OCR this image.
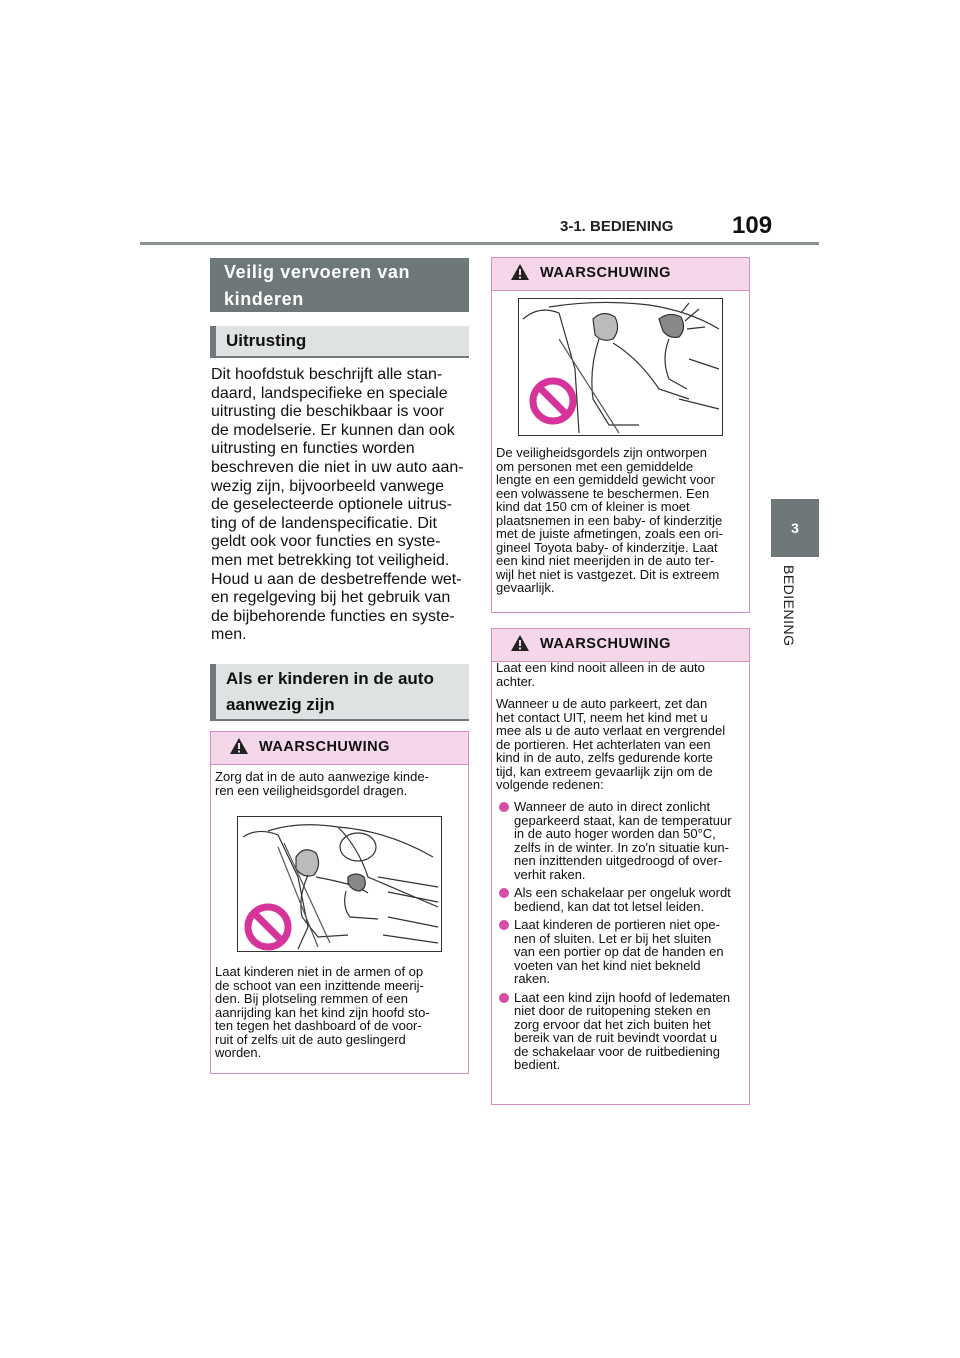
3-1. BEDIENING 109
3
BEDIENING
Veilig vervoeren van kinderen
Uitrusting
Dit hoofdstuk beschrijft alle stan-
daard, landspecifieke en speciale
uitrusting die beschikbaar is voor
de modelserie. Er kunnen dan ook
uitrusting en functies worden
beschreven die niet in uw auto aan-
wezig zijn, bijvoorbeeld vanwege
de geselecteerde optionele uitrus-
ting of de landenspecificatie. Dit
geldt ook voor functies en syste-
men met betrekking tot veiligheid.
Houd u aan de desbetreffende wet-
en regelgeving bij het gebruik van
de bijbehorende functies en syste-
men.
Als er kinderen in de auto aanwezig zijn
WAARSCHUWING
Zorg dat in de auto aanwezige kinde-
ren een veiligheidsgordel dragen.
Laat kinderen niet in de armen of op
de schoot van een inzittende meerij-
den. Bij plotseling remmen of een
aanrijding kan het kind zijn hoofd sto-
ten tegen het dashboard of de voor-
ruit of zelfs uit de auto geslingerd
worden.
WAARSCHUWING
De veiligheidsgordels zijn ontworpen
om personen met een gemiddelde
lengte en een gemiddeld gewicht voor
een volwassene te beschermen. Een
kind dat 150 cm of kleiner is moet
plaatsnemen in een baby- of kinderzitje
met de juiste afmetingen, zoals een ori-
gineel Toyota baby- of kinderzitje. Laat
een kind niet meerijden in de auto ter-
wijl het niet is vastgezet. Dit is extreem
gevaarlijk.
WAARSCHUWING
Laat een kind nooit alleen in de auto
achter.
Wanneer u de auto parkeert, zet dan
het contact UIT, neem het kind met u
mee als u de auto verlaat en vergrendel
de portieren. Het achterlaten van een
kind in de auto, zelfs gedurende korte
tijd, kan extreem gevaarlijk zijn om de
volgende redenen:
Wanneer de auto in direct zonlicht
geparkeerd staat, kan de temperatuur
in de auto hoger worden dan 50°C,
zelfs in de winter. In zo'n situatie kun-
nen inzittenden uitgedroogd of over-
verhit raken.
Als een schakelaar per ongeluk wordt
bediend, kan dat tot letsel leiden.
Laat kinderen de portieren niet ope-
nen of sluiten. Let er bij het sluiten
van een portier op dat de handen en
voeten van het kind niet bekneld
raken.
Laat een kind zijn hoofd of ledematen
niet door de ruitopening steken en
zorg ervoor dat het zich buiten het
bereik van de ruit bevindt voordat u
de schakelaar voor de ruitbediening
bedient.
